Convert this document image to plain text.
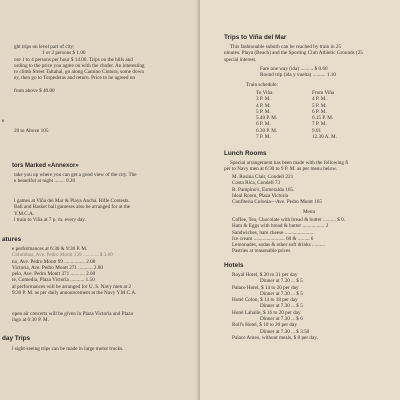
ght trips on level part of city;
1 or 2 persons $ 1.00
ore 1 to 4 persons per hour $ 14.00. Trips on the hills and
ording to the price you agree on with the chofer. An interesting
to climb Street Taltahal, go along Camino Cintura, some down
ey, then go to Torpederas and return. Price to be agreed on

from above $ 40.00
s
20 to Above 105
tors Marked «Annexor»
take you up where you can get a good view of the city. The
e beautiful at night ........ 0.20
l games at Viña del Mar & Playa Ancha. Rifle Contests.
Ball and Basket ball gameses also be arranged for at the
Y.M.C.A.
l train to Viña at 7 p. m. every day.
atures
e performances at 6:30 & 9:30 P. M.
Columbus, Ave. Pedro Montt 139 ............ $ 3.00
no, Ave. Pedro Montt 99 ................ 2.00
Victoria, Ave. Pedro Montt 271 ........... 2.00
pelo, Ave. Pedro Montt 371 ........... 2.00
te, Comedia, Plaza Victoria ........... 1.50
al performances will be arranged for U. S. Navy men at 2
9:30 P. M. as per daily announcement at the Navy Y.M.C.A.
open air concerts will be given in Plaza Victoria and Plaza
ingo at 6:30 P. M.
day Trips
l sight-seeing trips can be made in large motor trucks.
Trips to Viña del Mar
This fashionable suburb can be reached by train in 25
ninutes. Playa (Beach) and the Sporting Club Athletic Grounds (25
special interest.
Fare one way (ida) .......... $ 0.60
Round trip (ida y vuelta) .......... 1.10
Train schedule:
To Viña	From Viña
3 P. M.	4 P. M.
4 P. M.	5 P. M.
5 P. M.	6 P. M.
5.40 P. M.	6.15 P. M.
6 P. M.	7 P. M.
6.30 P. M.	9.01
7 P. M.	12.30 A. M.
Lunch Rooms
Special arrangement has been made with the following fi
per to Navy men at 6:30 to 9 P. M. as per menu below.
M. Rosina Clair, Condell 221
Costa Rica, Condell 73
B. Pampino's, Esmeralda 165.
Ideal Room, Plaza Victoria
Confiteria Colonia—Ave. Pedro Montt 165
Menu
Coffee, Tea, Chocolate with bread & butter .......... $ 0.
Ham & Eggs with bread & butter ................. 2
Sandwiches, ham cheese ......................
Ice cream ........................ 60 & ......... 6
Lemonades, sodas & other soft drinks ..........
Pastries at reasonable prices
Hotels
Royal Hotel, $ 20 to 31 per day
Dinner at 7.30 ... $ 5
Palace Hotel, $ 14 to 20 per day
Dinner at 7.30 ... $ 5
Hotel Colon, $ 14 to 18 per day
Dinner at 7.30 ... $ 5
Hotel Lahalle, $ 16 to 20 per day
Dinner at 7.30 ... $ 6
Roll's Hotel, $ 10 to 20 per day
Dinner at 7.30 ... $ 3.50
Palace Ameo, without meals, $ 8 per day.
